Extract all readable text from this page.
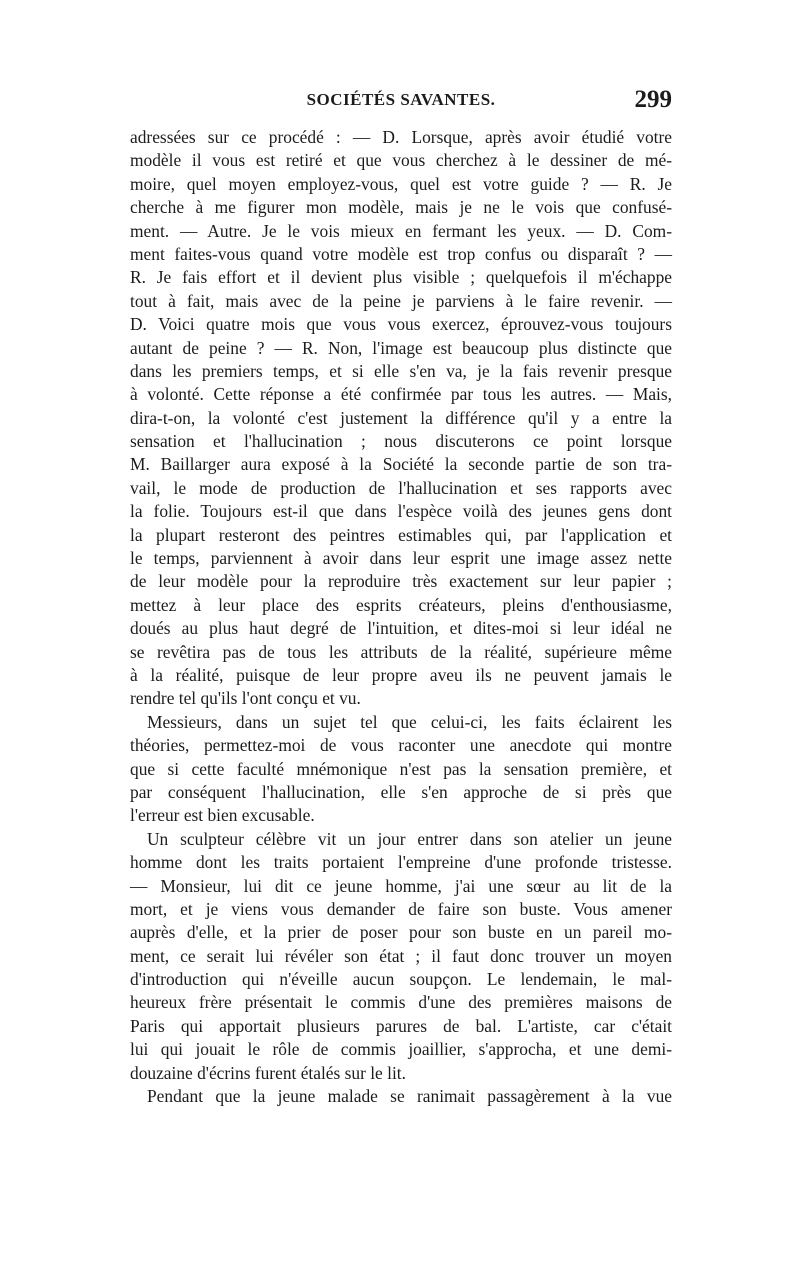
SOCIÉTÉS SAVANTES.	299
adressées sur ce procédé : — D. Lorsque, après avoir étudié votre
modèle il vous est retiré et que vous cherchez à le dessiner de mé-
moire, quel moyen employez-vous, quel est votre guide ? — R. Je
cherche à me figurer mon modèle, mais je ne le vois que confusé-
ment. — Autre. Je le vois mieux en fermant les yeux. — D. Com-
ment faites-vous quand votre modèle est trop confus ou disparaît ? —
R. Je fais effort et il devient plus visible ; quelquefois il m'échappe
tout à fait, mais avec de la peine je parviens à le faire revenir. —
D. Voici quatre mois que vous vous exercez, éprouvez-vous toujours
autant de peine ? — R. Non, l'image est beaucoup plus distincte que
dans les premiers temps, et si elle s'en va, je la fais revenir presque
à volonté. Cette réponse a été confirmée par tous les autres. — Mais,
dira-t-on, la volonté c'est justement la différence qu'il y a entre la
sensation et l'hallucination ; nous discuterons ce point lorsque
M. Baillarger aura exposé à la Société la seconde partie de son tra-
vail, le mode de production de l'hallucination et ses rapports avec
la folie. Toujours est-il que dans l'espèce voilà des jeunes gens dont
la plupart resteront des peintres estimables qui, par l'application et
le temps, parviennent à avoir dans leur esprit une image assez nette
de leur modèle pour la reproduire très exactement sur leur papier ;
mettez à leur place des esprits créateurs, pleins d'enthousiasme,
doués au plus haut degré de l'intuition, et dites-moi si leur idéal ne
se revêtira pas de tous les attributs de la réalité, supérieure même
à la réalité, puisque de leur propre aveu ils ne peuvent jamais le
rendre tel qu'ils l'ont conçu et vu.
Messieurs, dans un sujet tel que celui-ci, les faits éclairent les
théories, permettez-moi de vous raconter une anecdote qui montre
que si cette faculté mnémonique n'est pas la sensation première, et
par conséquent l'hallucination, elle s'en approche de si près que
l'erreur est bien excusable.
Un sculpteur célèbre vit un jour entrer dans son atelier un jeune
homme dont les traits portaient l'empreine d'une profonde tristesse.
— Monsieur, lui dit ce jeune homme, j'ai une sœur au lit de la
mort, et je viens vous demander de faire son buste. Vous amener
auprès d'elle, et la prier de poser pour son buste en un pareil mo-
ment, ce serait lui révéler son état ; il faut donc trouver un moyen
d'introduction qui n'éveille aucun soupçon. Le lendemain, le mal-
heureux frère présentait le commis d'une des premières maisons de
Paris qui apportait plusieurs parures de bal. L'artiste, car c'était
lui qui jouait le rôle de commis joaillier, s'approcha, et une demi-
douzaine d'écrins furent étalés sur le lit.
Pendant que la jeune malade se ranimait passagèrement à la vue
